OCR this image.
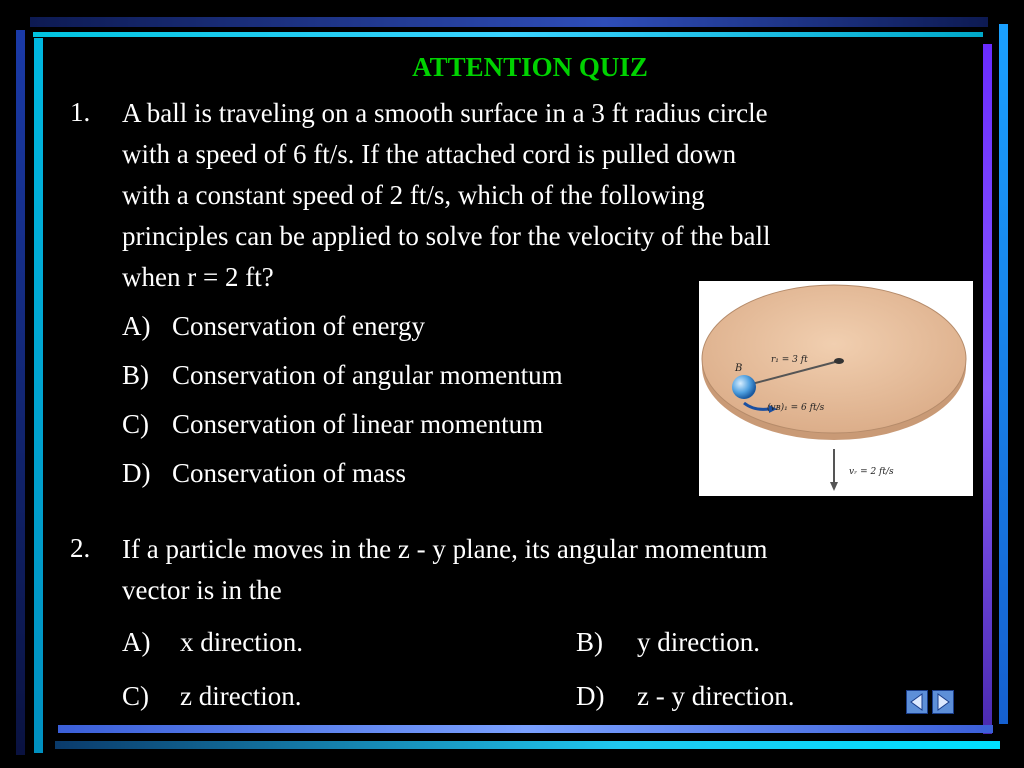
ATTENTION QUIZ
1. A ball is traveling on a smooth surface in a 3 ft radius circle
with a speed of 6 ft/s. If the attached cord is pulled down
with a constant speed of 2 ft/s, which of the following
principles can be applied to solve for the velocity of the ball
when r = 2 ft?
A) Conservation of energy
B) Conservation of angular momentum
C) Conservation of linear momentum
D) Conservation of mass
B
r₁ = 3 ft
(vʙ)₁ = 6 ft/s
vᵣ = 2 ft/s
2. If a particle moves in the z - y plane, its angular momentum
vector is in the
A) x direction.	B) y direction.
C) z direction.	D) z - y direction.
